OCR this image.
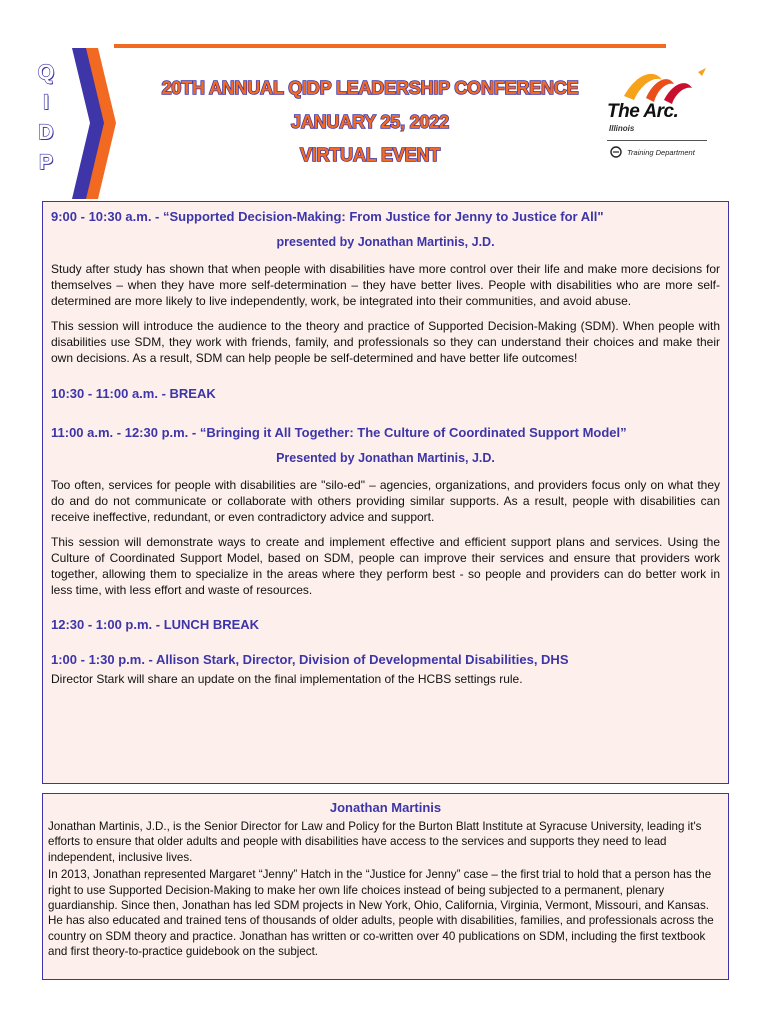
Q
I
D
P
20TH ANNUAL QIDP LEADERSHIP CONFERENCE
JANUARY 25, 2022
VIRTUAL EVENT
The Arc.
Illinois
Training Department
9:00 - 10:30 a.m. - “Supported Decision-Making: From Justice for Jenny to Justice for All"
presented by Jonathan Martinis, J.D.

Study after study has shown that when people with disabilities have more control over their life and make more decisions for themselves – when they have more self-determination – they have better lives. People with disabilities who are more self-determined are more likely to live independently, work, be integrated into their communities, and avoid abuse.

This session will introduce the audience to the theory and practice of Supported Decision-Making (SDM). When people with disabilities use SDM, they work with friends, family, and professionals so they can understand their choices and make their own decisions. As a result, SDM can help people be self-determined and have better life outcomes!

10:30 - 11:00 a.m. - BREAK
11:00 a.m. - 12:30 p.m. - “Bringing it All Together: The Culture of Coordinated Support Model”
Presented by Jonathan Martinis, J.D.

Too often, services for people with disabilities are "silo-ed" – agencies, organizations, and providers focus only on what they do and do not communicate or collaborate with others providing similar supports. As a result, people with disabilities can receive ineffective, redundant, or even contradictory advice and support.

This session will demonstrate ways to create and implement effective and efficient support plans and services. Using the Culture of Coordinated Support Model, based on SDM, people can improve their services and ensure that providers work together, allowing them to specialize in the areas where they perform best - so people and providers can do better work in less time, with less effort and waste of resources.

12:30 - 1:00 p.m. - LUNCH BREAK
1:00 - 1:30 p.m. - Allison Stark, Director, Division of Developmental Disabilities, DHS

Director Stark will share an update on the final implementation of the HCBS settings rule.

Jonathan Martinis

Jonathan Martinis, J.D., is the Senior Director for Law and Policy for the Burton Blatt Institute at Syracuse University, leading it's efforts to ensure that older adults and people with disabilities have access to the services and supports they need to lead independent, inclusive lives.

In 2013, Jonathan represented Margaret “Jenny” Hatch in the “Justice for Jenny” case – the first trial to hold that a person has the right to use Supported Decision-Making to make her own life choices instead of being subjected to a permanent, plenary guardianship. Since then, Jonathan has led SDM projects in New York, Ohio, California, Virginia, Vermont, Missouri, and Kansas. He has also educated and trained tens of thousands of older adults, people with disabilities, families, and professionals across the country on SDM theory and practice. Jonathan has written or co-written over 40 publications on SDM, including the first textbook and first theory-to-practice guidebook on the subject.
